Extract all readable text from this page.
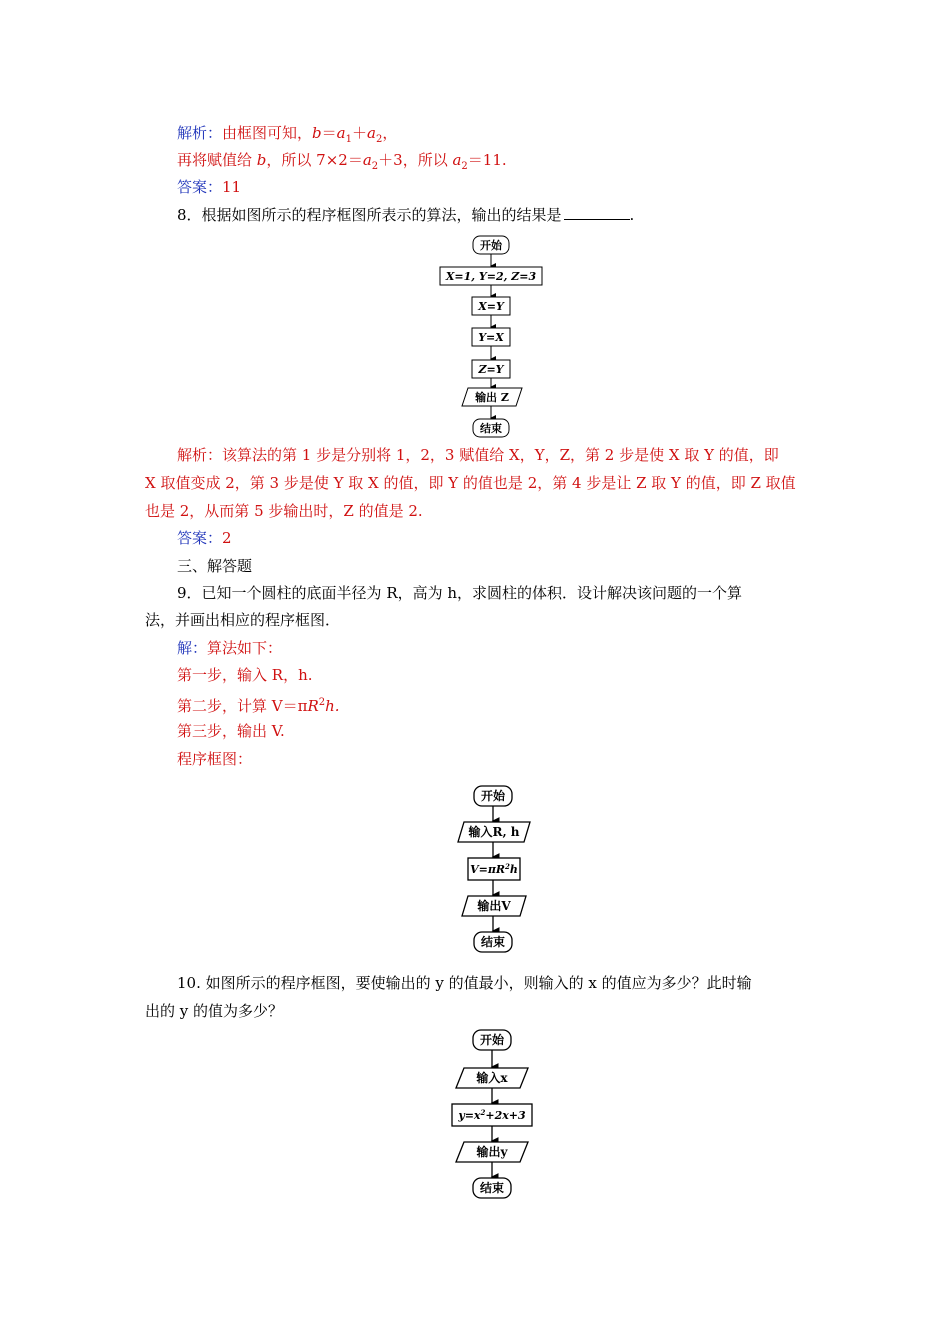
解析：由框图可知，$b=a_1+a_2$，
再将赋值给 b，所以 $7\times 2=a_2+3$，所以 $a_2=11$.
答案：11
8．根据如图所示的程序框图所表示的算法，输出的结果是	.
开始
X=1, Y=2, Z=3
X=Y
Y=X
Z=Y
输出 Z
结束
解析：该算法的第 1 步是分别将 1，2，3 赋值给 X，Y，Z，第 2 步是使 X 取 Y 的值，即
X 取值变成 2，第 3 步是使 Y 取 X 的值，即 Y 的值也是 2，第 4 步是让 Z 取 Y 的值，即 Z 取值
也是 2，从而第 5 步输出时，Z 的值是 2.
答案：2
三、解答题
9．已知一个圆柱的底面半径为 R，高为 h，求圆柱的体积．设计解决该问题的一个算
法，并画出相应的程序框图．
解：算法如下：
第一步，输入 R，h.
第二步，计算 $V=\pi R^2h$.
第三步，输出 V.
程序框图：
开始
输入R, h
$V=\pi R^2h$
输出V
结束
10. 如图所示的程序框图，要使输出的 y 的值最小，则输入的 x 的值应为多少？此时输
出的 y 的值为多少？
开始
输入x
$y=x^2+2x+3$
输出y
结束
